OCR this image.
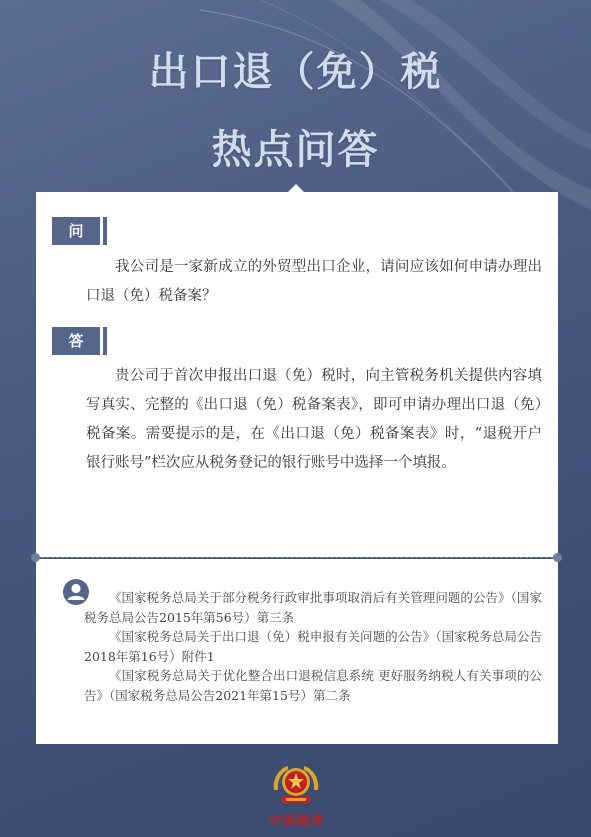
出口退（免）税
热点问答
问
我公司是一家新成立的外贸型出口企业，请问应该如何申请办理出口退（免）税备案？
答
贵公司于首次申报出口退（免）税时，向主管税务机关提供内容填写真实、完整的《出口退（免）税备案表》，即可申请办理出口退（免）税备案。需要提示的是，在《出口退（免）税备案表》时，“退税开户银行账号”栏次应从税务登记的银行账号中选择一个填报。

《国家税务总局关于部分税务行政审批事项取消后有关管理问题的公告》（国家税务总局公告2015年第56号）第三条

《国家税务总局关于出口退（免）税申报有关问题的公告》（国家税务总局公告2018年第16号）附件1

《国家税务总局关于优化整合出口退税信息系统 更好服务纳税人有关事项的公告》（国家税务总局公告2021年第15号）第二条

中国税务
